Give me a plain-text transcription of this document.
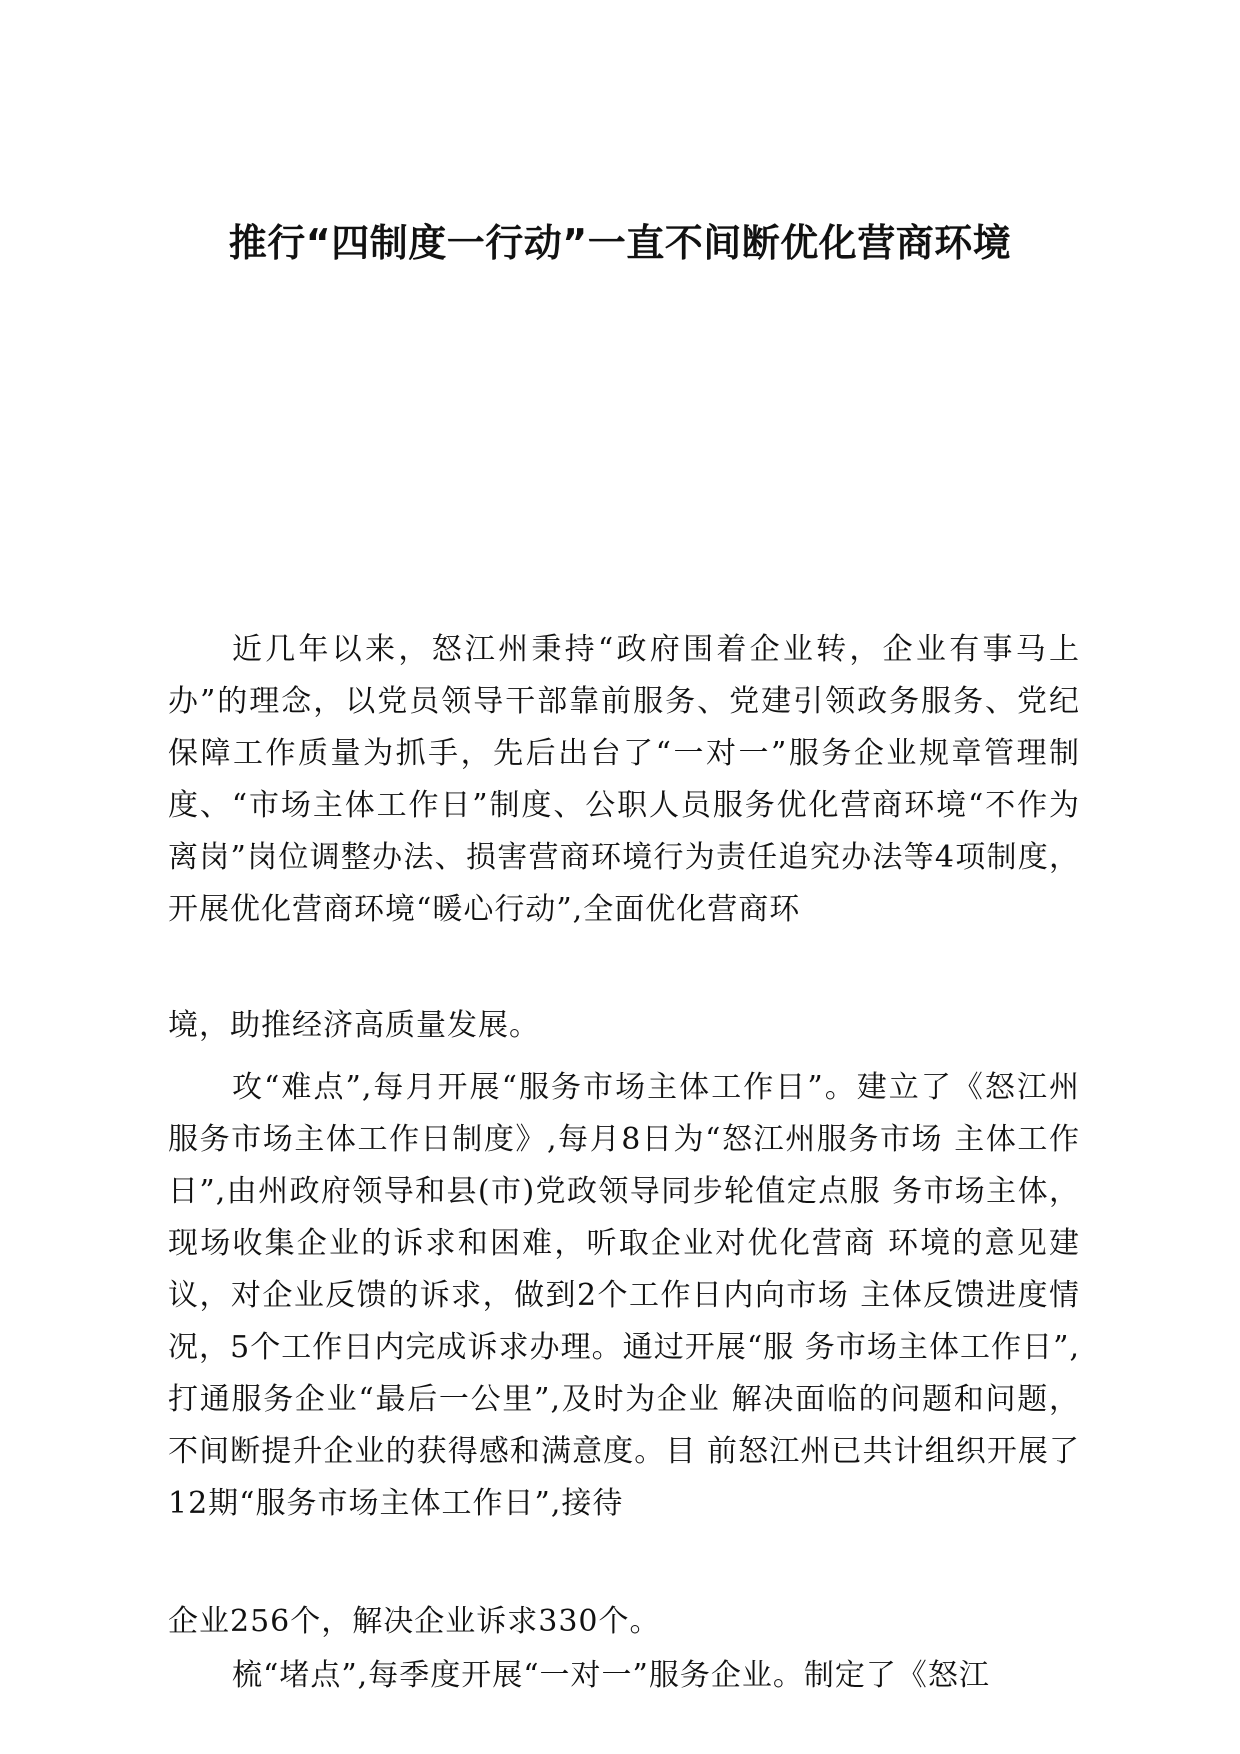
推行“四制度一行动”一直不间断优化营商环境

近几年以来，怒江州秉持“政府围着企业转，企业有事马上办”的理念，以党员领导干部靠前服务、党建引领政务服务、党纪保障工作质量为抓手，先后出台了“一对一”服务企业规章管理制度、“市场主体工作日”制度、公职人员服务优化营商环境“不作为离岗”岗位调整办法、损害营商环境行为责任追究办法等4项制度，开展优化营商环境“暖心行动”,全面优化营商环

境，助推经济高质量发展。

攻“难点”,每月开展“服务市场主体工作日”。建立了《怒江州服务市场主体工作日制度》,每月8日为“怒江州服务市场 主体工作日”,由州政府领导和县(市)党政领导同步轮值定点服 务市场主体，现场收集企业的诉求和困难，听取企业对优化营商 环境的意见建议，对企业反馈的诉求，做到2个工作日内向市场 主体反馈进度情况，5个工作日内完成诉求办理。通过开展“服 务市场主体工作日”,打通服务企业“最后一公里”,及时为企业 解决面临的问题和问题，不间断提升企业的获得感和满意度。目 前怒江州已共计组织开展了12期“服务市场主体工作日”,接待

企业256个，解决企业诉求330个。

梳“堵点”,每季度开展“一对一”服务企业。制定了《怒江
